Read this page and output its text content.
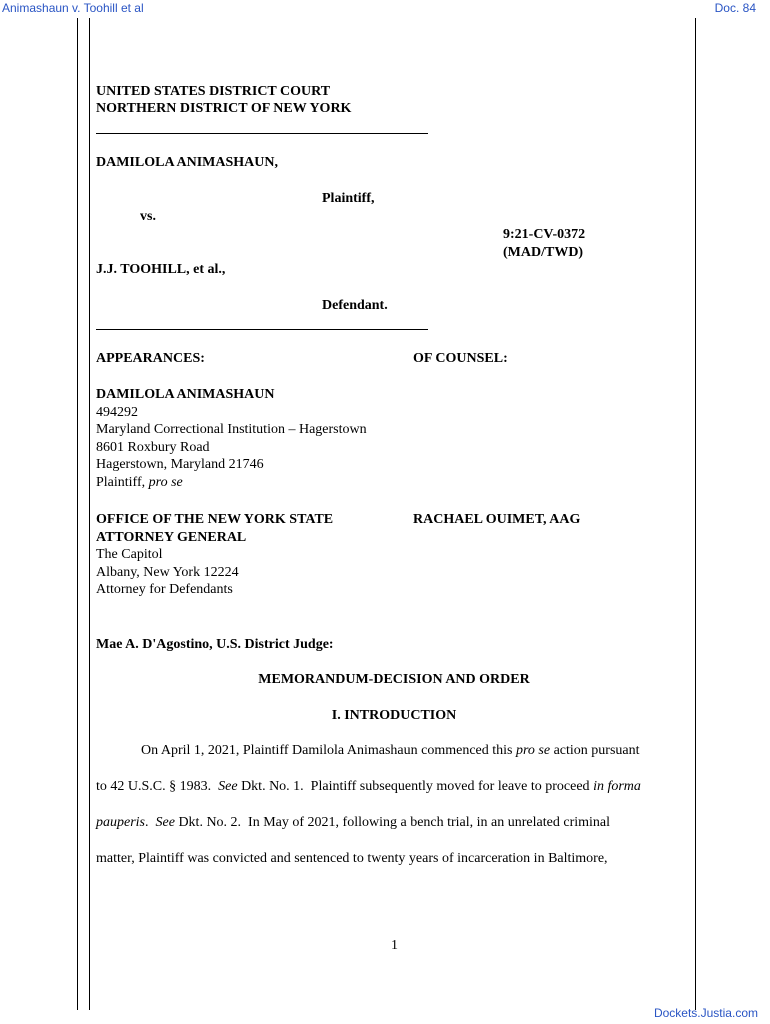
Animashaun v. Toohill et al	Doc. 84
UNITED STATES DISTRICT COURT
NORTHERN DISTRICT OF NEW YORK
DAMILOLA ANIMASHAUN,
Plaintiff,
vs.
9:21-CV-0372
(MAD/TWD)
J.J. TOOHILL, et al.,
Defendant.
APPEARANCES:	OF COUNSEL:
DAMILOLA ANIMASHAUN
494292
Maryland Correctional Institution – Hagerstown
8601 Roxbury Road
Hagerstown, Maryland 21746
Plaintiff, pro se
OFFICE OF THE NEW YORK STATE
ATTORNEY GENERAL
The Capitol
Albany, New York 12224
Attorney for Defendants
RACHAEL OUIMET, AAG
Mae A. D'Agostino, U.S. District Judge:
MEMORANDUM-DECISION AND ORDER
I. INTRODUCTION
On April 1, 2021, Plaintiff Damilola Animashaun commenced this pro se action pursuant
to 42 U.S.C. § 1983.  See Dkt. No. 1.  Plaintiff subsequently moved for leave to proceed in forma
pauperis.  See Dkt. No. 2.  In May of 2021, following a bench trial, in an unrelated criminal
matter, Plaintiff was convicted and sentenced to twenty years of incarceration in Baltimore,
1
Dockets.Justia.com
